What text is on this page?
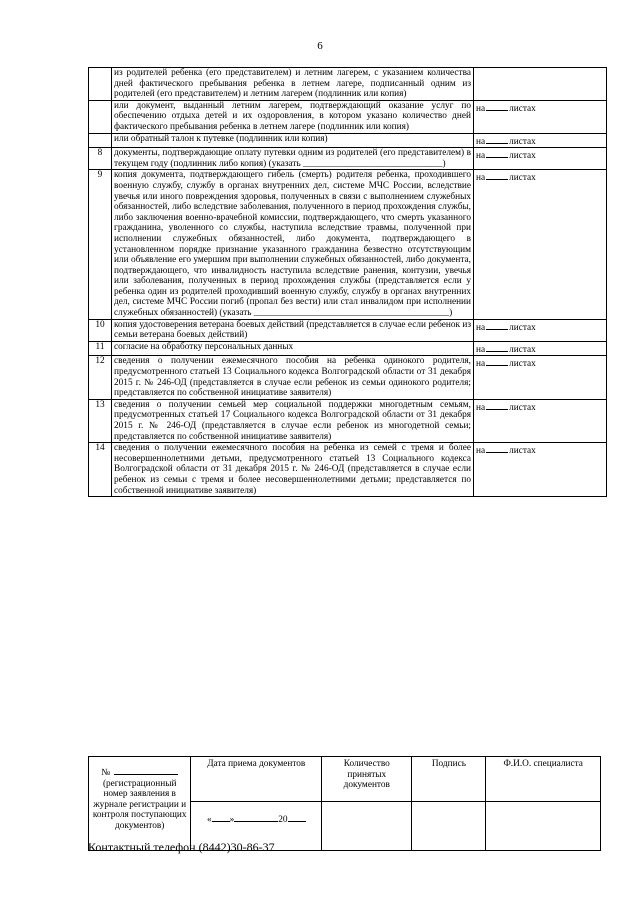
6
	из родителей ребенка (его представителем) и летним лагерем, с указанием количества дней фактического пребывания ребенка в летнем лагере, подписанный одним из родителей (его представителем) и летним лагерем (подлинник или копия)	
	или документ, выданный летним лагерем, подтверждающий оказание услуг по обеспечению отдыха детей и их оздоровления, в котором указано количество дней фактического пребывания ребенка в летнем лагере (подлинник или копия)	на листах
	или обратный талон к путевке (подлинник или копия)	на листах
8	документы, подтверждающие оплату путевки одним из родителей (его представителем) в текущем году (подлинник либо копия) (указать ______________________________)	на листах
9	копия документа, подтверждающего гибель (смерть) родителя ребенка, проходившего военную службу, службу в органах внутренних дел, системе МЧС России, вследствие увечья или иного повреждения здоровья, полученных в связи с выполнением служебных обязанностей, либо вследствие заболевания, полученного в период прохождения службы, либо заключения военно-врачебной комиссии, подтверждающего, что смерть указанного гражданина, уволенного со службы, наступила вследствие травмы, полученной при исполнении служебных обязанностей, либо документа, подтверждающего в установленном порядке признание указанного гражданина безвестно отсутствующим или объявление его умершим при выполнении служебных обязанностей, либо документа, подтверждающего, что инвалидность наступила вследствие ранения, контузии, увечья или заболевания, полученных в период прохождения службы (представляется если у ребенка один из родителей проходивший военную службу, службу в органах внутренних дел, системе МЧС России погиб (пропал без вести) или стал инвалидом при исполнении служебных обязанностей) (указать __________________________________________)	на листах
10	копия удостоверения ветерана боевых действий (представляется в случае если ребенок из семьи ветерана боевых действий)	на листах
11	согласие на обработку персональных данных	на листах
12	сведения о получении ежемесячного пособия на ребенка одинокого родителя, предусмотренного статьей 13 Социального кодекса Волгоградской области от 31 декабря 2015 г. № 246-ОД (представляется в случае если ребенок из семьи одинокого родителя; представляется по собственной инициативе заявителя)	на листах
13	сведения о получении семьей мер социальной поддержки многодетным семьям, предусмотренных статьей 17 Социального кодекса Волгоградской области от 31 декабря 2015 г. № 246-ОД (представляется в случае если ребенок из многодетной семьи; представляется по собственной инициативе заявителя)	на листах
14	сведения о получении ежемесячного пособия на ребенка из семей с тремя и более несовершеннолетними детьми, предусмотренного статьей 13 Социального кодекса Волгоградской области от 31 декабря 2015 г. № 246-ОД (представляется в случае если ребенок из семьи с тремя и более несовершеннолетними детьми; представляется по собственной инициативе заявителя)	на листах
№
(регистрационный номер заявления в журнале регистрации и контроля поступающих документов)	Дата приема документов	Количество принятых документов	Подпись	Ф.И.О. специалиста
	« » 20			
Контактный телефон (8442)30-86-37
